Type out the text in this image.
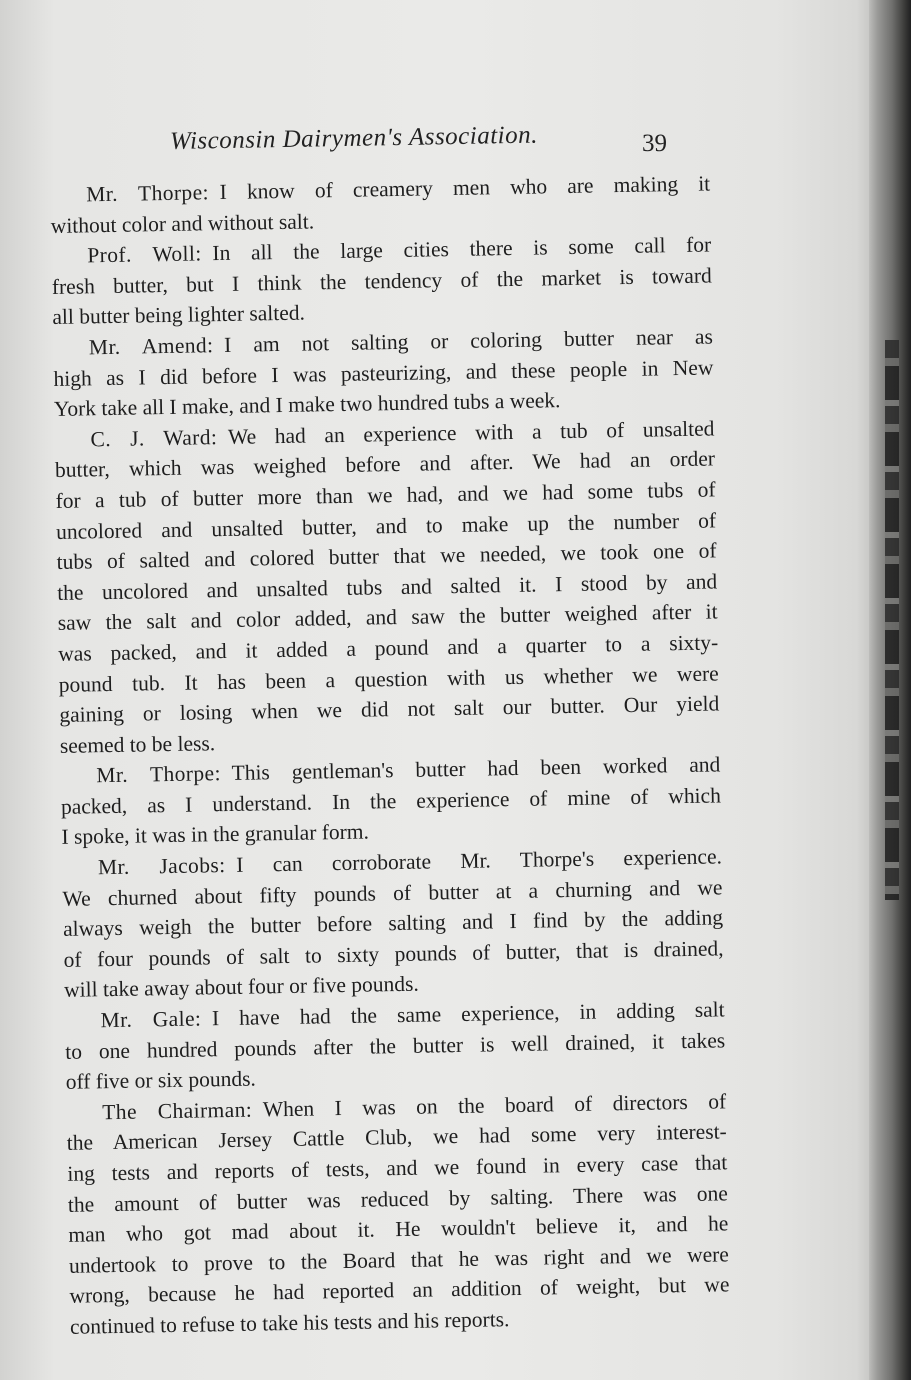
Wisconsin Dairymen's Association.	39
Mr. Thorpe:  I know of creamery men who are making it
without color and without salt.
Prof. Woll:  In all the large cities there is some call for
fresh butter, but I think the tendency of the market is toward
all butter being lighter salted.
Mr. Amend:  I am not salting or coloring butter near as
high as I did before I was pasteurizing, and these people in New
York take all I make, and I make two hundred tubs a week.
C. J. Ward:  We had an experience with a tub of unsalted
butter, which was weighed before and after. We had an order
for a tub of butter more than we had, and we had some tubs of
uncolored and unsalted butter, and to make up the number of
tubs of salted and colored butter that we needed, we took one of
the uncolored and unsalted tubs and salted it. I stood by and
saw the salt and color added, and saw the butter weighed after it
was packed, and it added a pound and a quarter to a sixty-
pound tub. It has been a question with us whether we were
gaining or losing when we did not salt our butter. Our yield
seemed to be less.
Mr. Thorpe:  This gentleman's butter had been worked and
packed, as I understand. In the experience of mine of which
I spoke, it was in the granular form.
Mr. Jacobs:  I can corroborate Mr. Thorpe's experience.
We churned about fifty pounds of butter at a churning and we
always weigh the butter before salting and I find by the adding
of four pounds of salt to sixty pounds of butter, that is drained,
will take away about four or five pounds.
Mr. Gale:  I have had the same experience, in adding salt
to one hundred pounds after the butter is well drained, it takes
off five or six pounds.
The Chairman:  When I was on the board of directors of
the American Jersey Cattle Club, we had some very interest-
ing tests and reports of tests, and we found in every case that
the amount of butter was reduced by salting. There was one
man who got mad about it. He wouldn't believe it, and he
undertook to prove to the Board that he was right and we were
wrong, because he had reported an addition of weight, but we
continued to refuse to take his tests and his reports.
